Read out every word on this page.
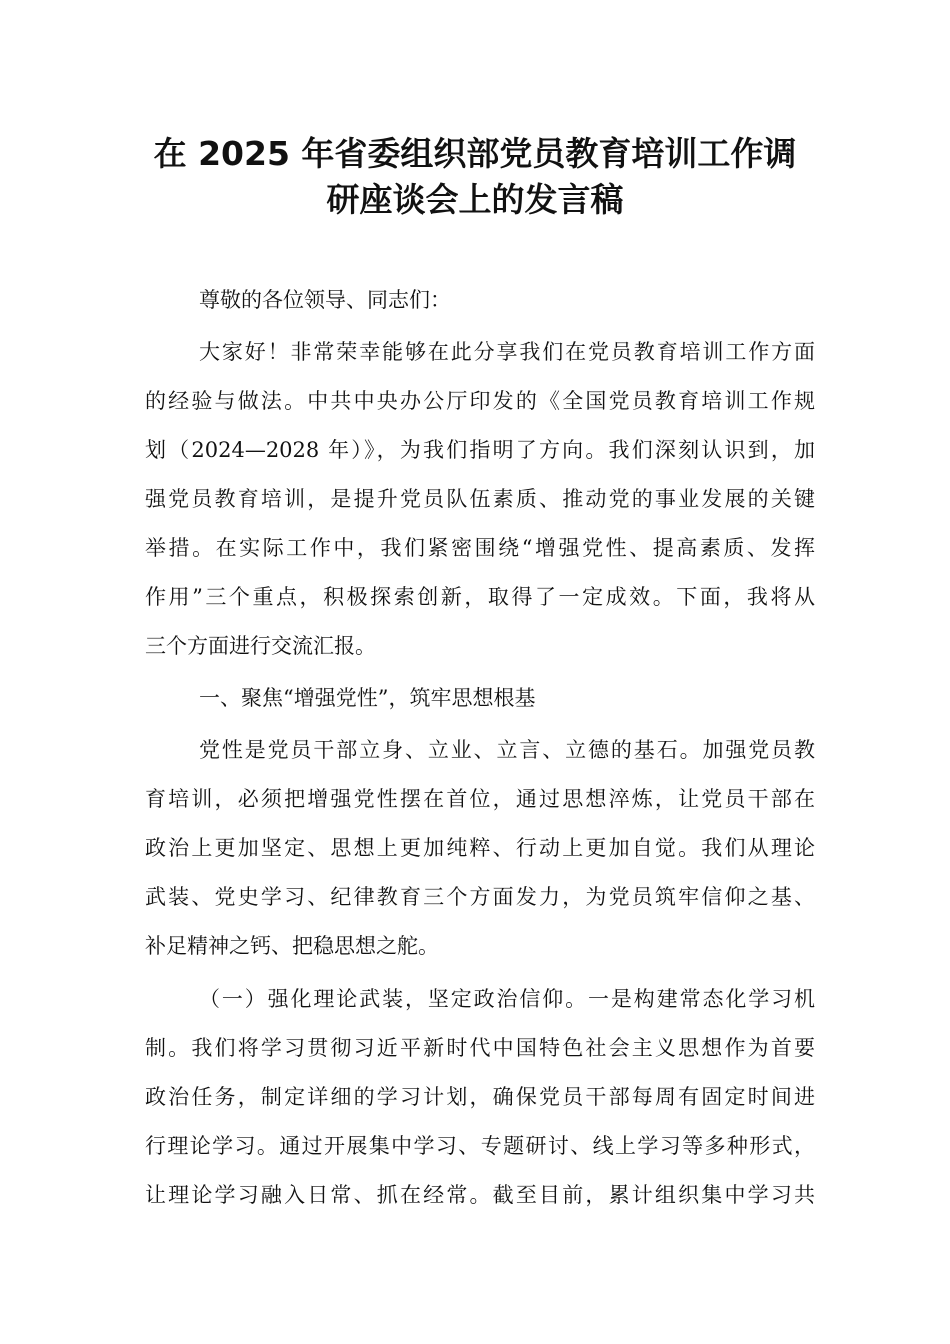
在 2025 年省委组织部党员教育培训工作调
研座谈会上的发言稿

尊敬的各位领导、同志们：

大家好！非常荣幸能够在此分享我们在党员教育培训工作方面

的经验与做法。中共中央办公厅印发的《全国党员教育培训工作规

划（2024—2028 年）》，为我们指明了方向。我们深刻认识到，加

强党员教育培训，是提升党员队伍素质、推动党的事业发展的关键

举措。在实际工作中，我们紧密围绕“增强党性、提高素质、发挥

作用”三个重点，积极探索创新，取得了一定成效。下面，我将从

三个方面进行交流汇报。

一、聚焦“增强党性”，筑牢思想根基

党性是党员干部立身、立业、立言、立德的基石。加强党员教

育培训，必须把增强党性摆在首位，通过思想淬炼，让党员干部在

政治上更加坚定、思想上更加纯粹、行动上更加自觉。我们从理论

武装、党史学习、纪律教育三个方面发力，为党员筑牢信仰之基、

补足精神之钙、把稳思想之舵。

（一）强化理论武装，坚定政治信仰。一是构建常态化学习机

制。我们将学习贯彻习近平新时代中国特色社会主义思想作为首要

政治任务，制定详细的学习计划，确保党员干部每周有固定时间进

行理论学习。通过开展集中学习、专题研讨、线上学习等多种形式，

让理论学习融入日常、抓在经常。截至目前，累计组织集中学习共
